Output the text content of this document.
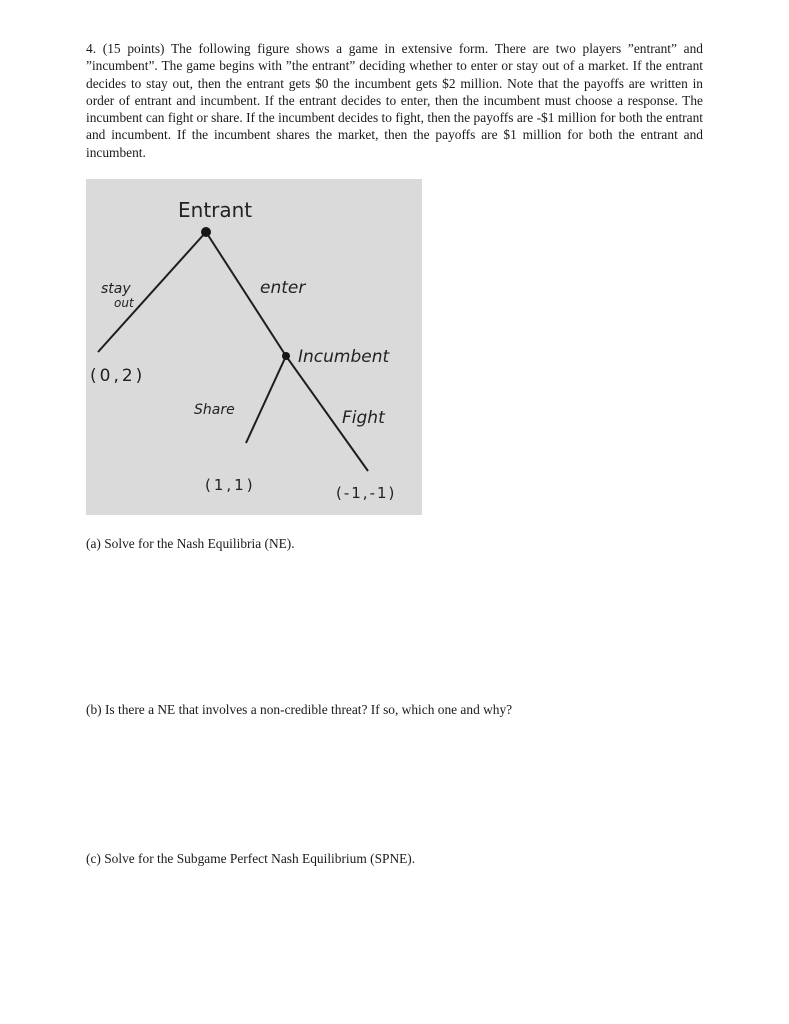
4. (15 points) The following figure shows a game in extensive form. There are two players ”entrant” and ”incumbent”. The game begins with ”the entrant” deciding whether to enter or stay out of a market. If the entrant decides to stay out, then the entrant gets $0 the incumbent gets $2 million. Note that the payoffs are written in order of entrant and incumbent. If the entrant decides to enter, then the incumbent must choose a response. The incumbent can fight or share. If the incumbent decides to fight, then the payoffs are -$1 million for both the entrant and incumbent. If the incumbent shares the market, then the payoffs are $1 million for both the entrant and incumbent.
Entrant
stay
out
enter
Incumbent
Share	Fight
(0,2)
(1,1)	(-1,-1)
(a) Solve for the Nash Equilibria (NE).
(b) Is there a NE that involves a non-credible threat? If so, which one and why?
(c) Solve for the Subgame Perfect Nash Equilibrium (SPNE).
